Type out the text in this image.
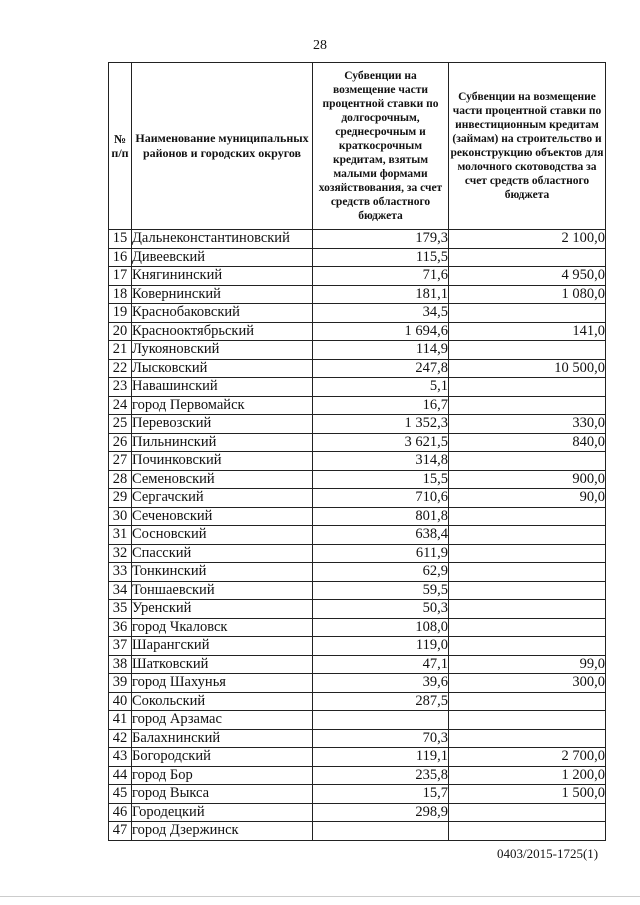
28
№ п/п	Наименование муниципальных районов и городских округов	Субвенции на возмещение части процентной ставки по долгосрочным, среднесрочным и краткосрочным кредитам, взятым малыми формами хозяйствования, за счет средств областного бюджета	Субвенции на возмещение части процентной ставки по инвестиционным кредитам (займам) на строительство и реконструкцию объектов для молочного скотоводства за счет средств областного бюджета
15	Дальнеконстантиновский	179,3	2 100,0
16	Дивеевский	115,5	
17	Княгининский	71,6	4 950,0
18	Ковернинский	181,1	1 080,0
19	Краснобаковский	34,5	
20	Краснооктябрьский	1 694,6	141,0
21	Лукояновский	114,9	
22	Лысковский	247,8	10 500,0
23	Навашинский	5,1	
24	город Первомайск	16,7	
25	Перевозский	1 352,3	330,0
26	Пильнинский	3 621,5	840,0
27	Починковский	314,8	
28	Семеновский	15,5	900,0
29	Сергачский	710,6	90,0
30	Сеченовский	801,8	
31	Сосновский	638,4	
32	Спасский	611,9	
33	Тонкинский	62,9	
34	Тоншаевский	59,5	
35	Уренский	50,3	
36	город Чкаловск	108,0	
37	Шарангский	119,0	
38	Шатковский	47,1	99,0
39	город Шахунья	39,6	300,0
40	Сокольский	287,5	
41	город Арзамас		
42	Балахнинский	70,3	
43	Богородский	119,1	2 700,0
44	город Бор	235,8	1 200,0
45	город Выкса	15,7	1 500,0
46	Городецкий	298,9	
47	город Дзержинск		
0403/2015-1725(1)
